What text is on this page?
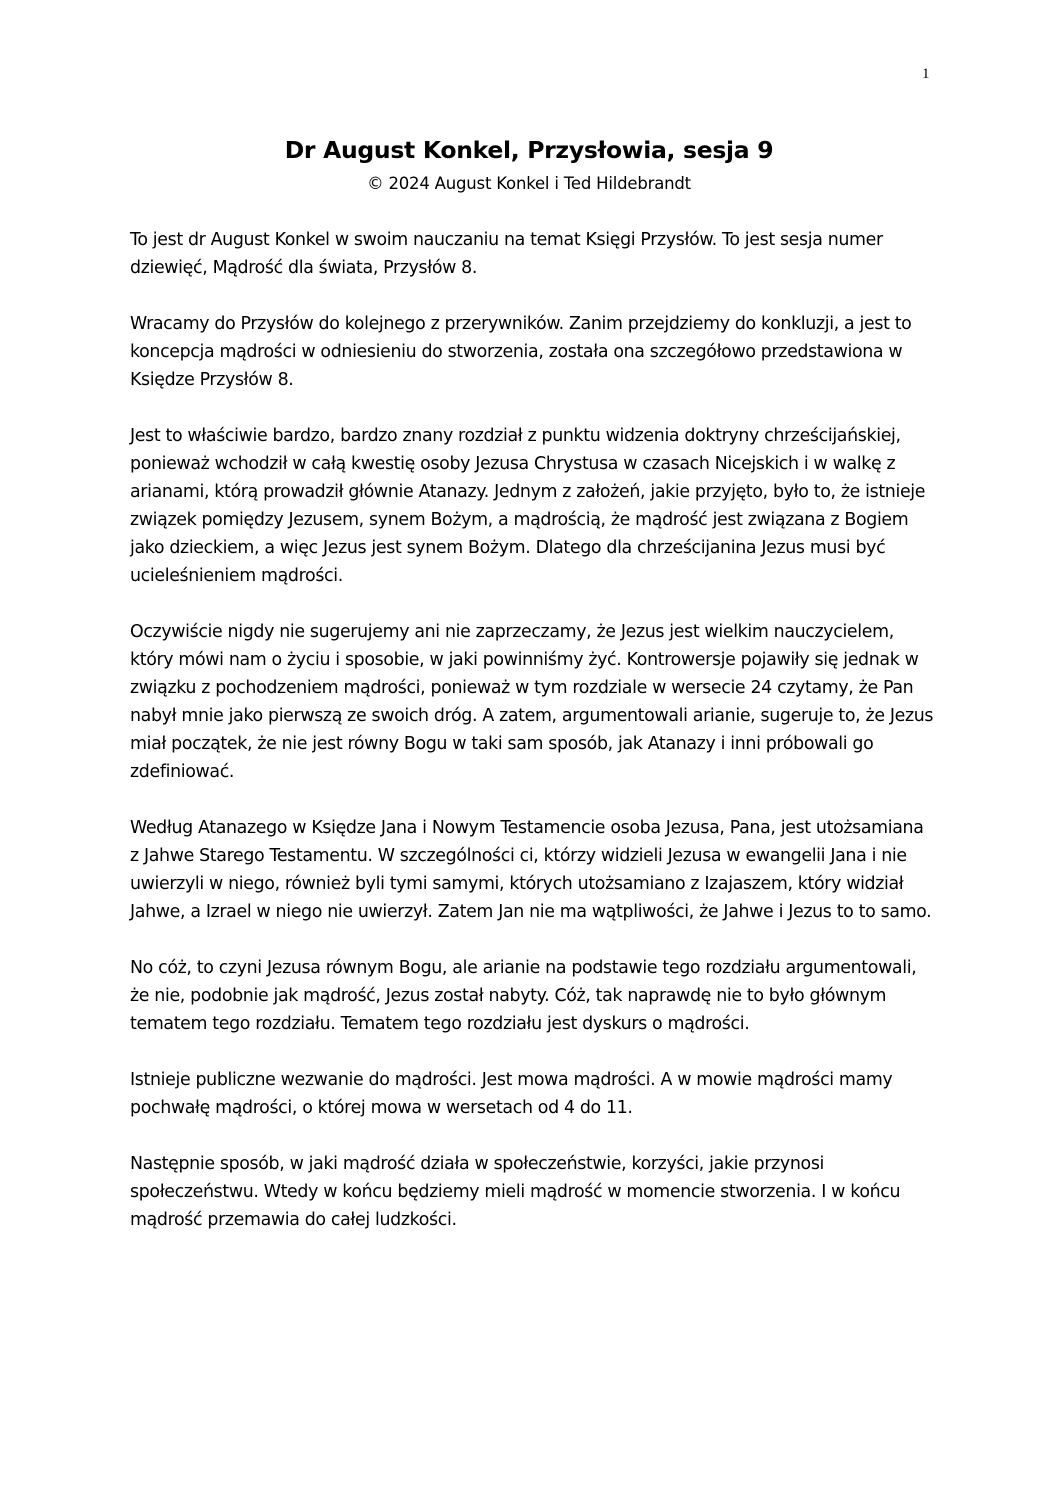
1
Dr August Konkel, Przysłowia, sesja 9
© 2024 August Konkel i Ted Hildebrandt

To jest dr August Konkel w swoim nauczaniu na temat Księgi Przysłów. To jest sesja numer dziewięć, Mądrość dla świata, Przysłów 8.

Wracamy do Przysłów do kolejnego z przerywników. Zanim przejdziemy do konkluzji, a jest to koncepcja mądrości w odniesieniu do stworzenia, została ona szczegółowo przedstawiona w Księdze Przysłów 8.

Jest to właściwie bardzo, bardzo znany rozdział z punktu widzenia doktryny chrześcijańskiej, ponieważ wchodził w całą kwestię osoby Jezusa Chrystusa w czasach Nicejskich i w walkę z arianami, którą prowadził głównie Atanazy. Jednym z założeń, jakie przyjęto, było to, że istnieje związek pomiędzy Jezusem, synem Bożym, a mądrością, że mądrość jest związana z Bogiem jako dzieckiem, a więc Jezus jest synem Bożym. Dlatego dla chrześcijanina Jezus musi być ucieleśnieniem mądrości.

Oczywiście nigdy nie sugerujemy ani nie zaprzeczamy, że Jezus jest wielkim nauczycielem, który mówi nam o życiu i sposobie, w jaki powinniśmy żyć. Kontrowersje pojawiły się jednak w związku z pochodzeniem mądrości, ponieważ w tym rozdziale w wersecie 24 czytamy, że Pan nabył mnie jako pierwszą ze swoich dróg. A zatem, argumentowali arianie, sugeruje to, że Jezus miał początek, że nie jest równy Bogu w taki sam sposób, jak Atanazy i inni próbowali go zdefiniować.

Według Atanazego w Księdze Jana i Nowym Testamencie osoba Jezusa, Pana, jest utożsamiana z Jahwe Starego Testamentu. W szczególności ci, którzy widzieli Jezusa w ewangelii Jana i nie uwierzyli w niego, również byli tymi samymi, których utożsamiano z Izajaszem, który widział Jahwe, a Izrael w niego nie uwierzył. Zatem Jan nie ma wątpliwości, że Jahwe i Jezus to to samo.

No cóż, to czyni Jezusa równym Bogu, ale arianie na podstawie tego rozdziału argumentowali, że nie, podobnie jak mądrość, Jezus został nabyty. Cóż, tak naprawdę nie to było głównym tematem tego rozdziału. Tematem tego rozdziału jest dyskurs o mądrości.

Istnieje publiczne wezwanie do mądrości. Jest mowa mądrości. A w mowie mądrości mamy pochwałę mądrości, o której mowa w wersetach od 4 do 11.

Następnie sposób, w jaki mądrość działa w społeczeństwie, korzyści, jakie przynosi społeczeństwu. Wtedy w końcu będziemy mieli mądrość w momencie stworzenia. I w końcu mądrość przemawia do całej ludzkości.
